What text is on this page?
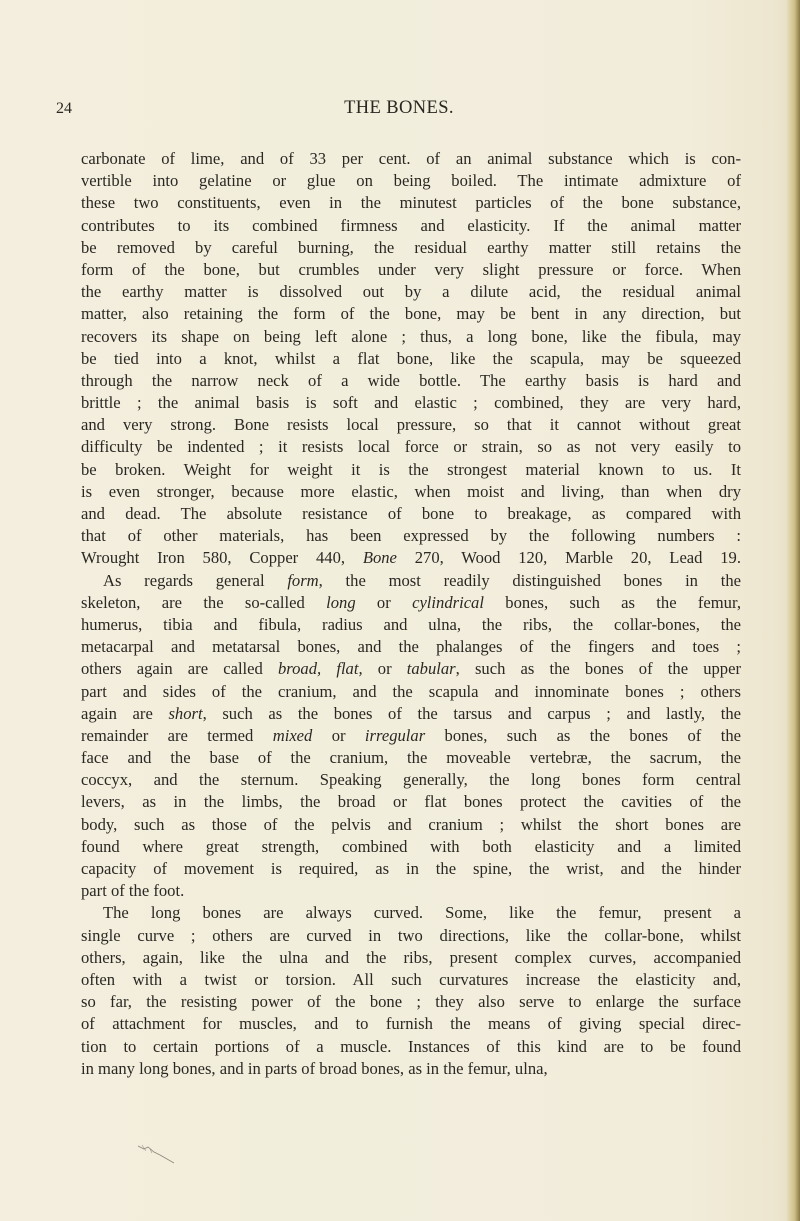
24	THE BONES.
carbonate of lime, and of 33 per cent. of an animal substance which is con-
vertible into gelatine or glue on being boiled. The intimate admixture of
these two constituents, even in the minutest particles of the bone substance,
contributes to its combined firmness and elasticity. If the animal matter
be removed by careful burning, the residual earthy matter still retains the
form of the bone, but crumbles under very slight pressure or force. When
the earthy matter is dissolved out by a dilute acid, the residual animal
matter, also retaining the form of the bone, may be bent in any direction, but
recovers its shape on being left alone ; thus, a long bone, like the fibula, may
be tied into a knot, whilst a flat bone, like the scapula, may be squeezed
through the narrow neck of a wide bottle. The earthy basis is hard and
brittle ; the animal basis is soft and elastic ; combined, they are very hard,
and very strong. Bone resists local pressure, so that it cannot without great
difficulty be indented ; it resists local force or strain, so as not very easily to
be broken. Weight for weight it is the strongest material known to us. It
is even stronger, because more elastic, when moist and living, than when dry
and dead. The absolute resistance of bone to breakage, as compared with
that of other materials, has been expressed by the following numbers :
Wrought Iron 580, Copper 440, Bone 270, Wood 120, Marble 20, Lead 19.
As regards general form, the most readily distinguished bones in the
skeleton, are the so-called long or cylindrical bones, such as the femur,
humerus, tibia and fibula, radius and ulna, the ribs, the collar-bones, the
metacarpal and metatarsal bones, and the phalanges of the fingers and toes ;
others again are called broad, flat, or tabular, such as the bones of the upper
part and sides of the cranium, and the scapula and innominate bones ; others
again are short, such as the bones of the tarsus and carpus ; and lastly, the
remainder are termed mixed or irregular bones, such as the bones of the
face and the base of the cranium, the moveable vertebræ, the sacrum, the
coccyx, and the sternum. Speaking generally, the long bones form central
levers, as in the limbs, the broad or flat bones protect the cavities of the
body, such as those of the pelvis and cranium ; whilst the short bones are
found where great strength, combined with both elasticity and a limited
capacity of movement is required, as in the spine, the wrist, and the hinder
part of the foot.
The long bones are always curved. Some, like the femur, present a
single curve ; others are curved in two directions, like the collar-bone, whilst
others, again, like the ulna and the ribs, present complex curves, accompanied
often with a twist or torsion. All such curvatures increase the elasticity and,
so far, the resisting power of the bone ; they also serve to enlarge the surface
of attachment for muscles, and to furnish the means of giving special direc-
tion to certain portions of a muscle. Instances of this kind are to be found
in many long bones, and in parts of broad bones, as in the femur, ulna,
